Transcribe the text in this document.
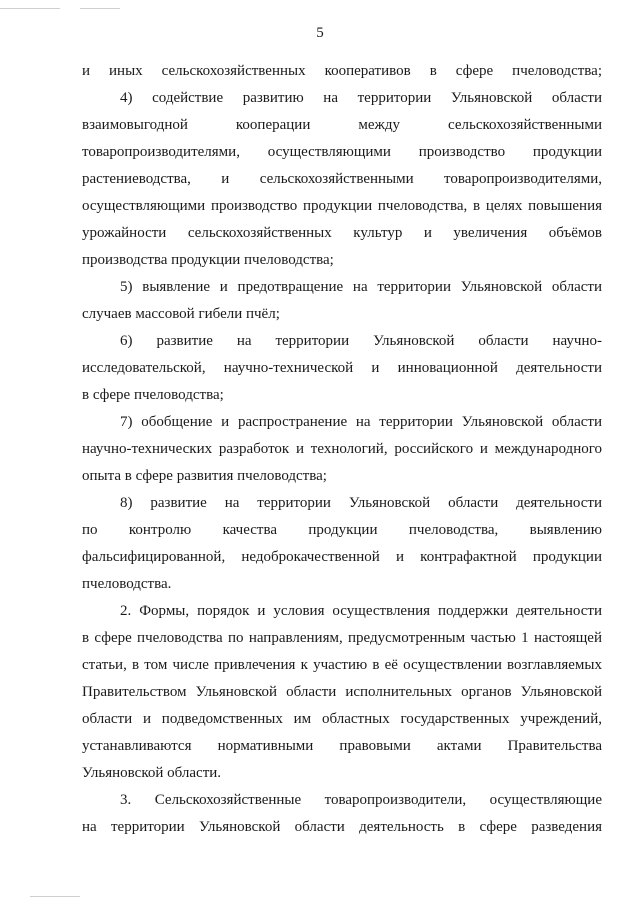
5
и иных сельскохозяйственных кооперативов в сфере пчеловодства;
4) содействие развитию на территории Ульяновской области
взаимовыгодной кооперации между сельскохозяйственными
товаропроизводителями, осуществляющими производство продукции
растениеводства, и сельскохозяйственными товаропроизводителями,
осуществляющими производство продукции пчеловодства, в целях повышения
урожайности сельскохозяйственных культур и увеличения объёмов
производства продукции пчеловодства;
5) выявление и предотвращение на территории Ульяновской области
случаев массовой гибели пчёл;
6) развитие на территории Ульяновской области научно-
исследовательской, научно-технической и инновационной деятельности
в сфере пчеловодства;
7) обобщение и распространение на территории Ульяновской области
научно-технических разработок и технологий, российского и международного
опыта в сфере развития пчеловодства;
8) развитие на территории Ульяновской области деятельности
по контролю качества продукции пчеловодства, выявлению
фальсифицированной, недоброкачественной и контрафактной продукции
пчеловодства.
2. Формы, порядок и условия осуществления поддержки деятельности
в сфере пчеловодства по направлениям, предусмотренным частью 1 настоящей
статьи, в том числе привлечения к участию в её осуществлении возглавляемых
Правительством Ульяновской области исполнительных органов Ульяновской
области и подведомственных им областных государственных учреждений,
устанавливаются нормативными правовыми актами Правительства
Ульяновской области.
3. Сельскохозяйственные товаропроизводители, осуществляющие
на территории Ульяновской области деятельность в сфере разведения
